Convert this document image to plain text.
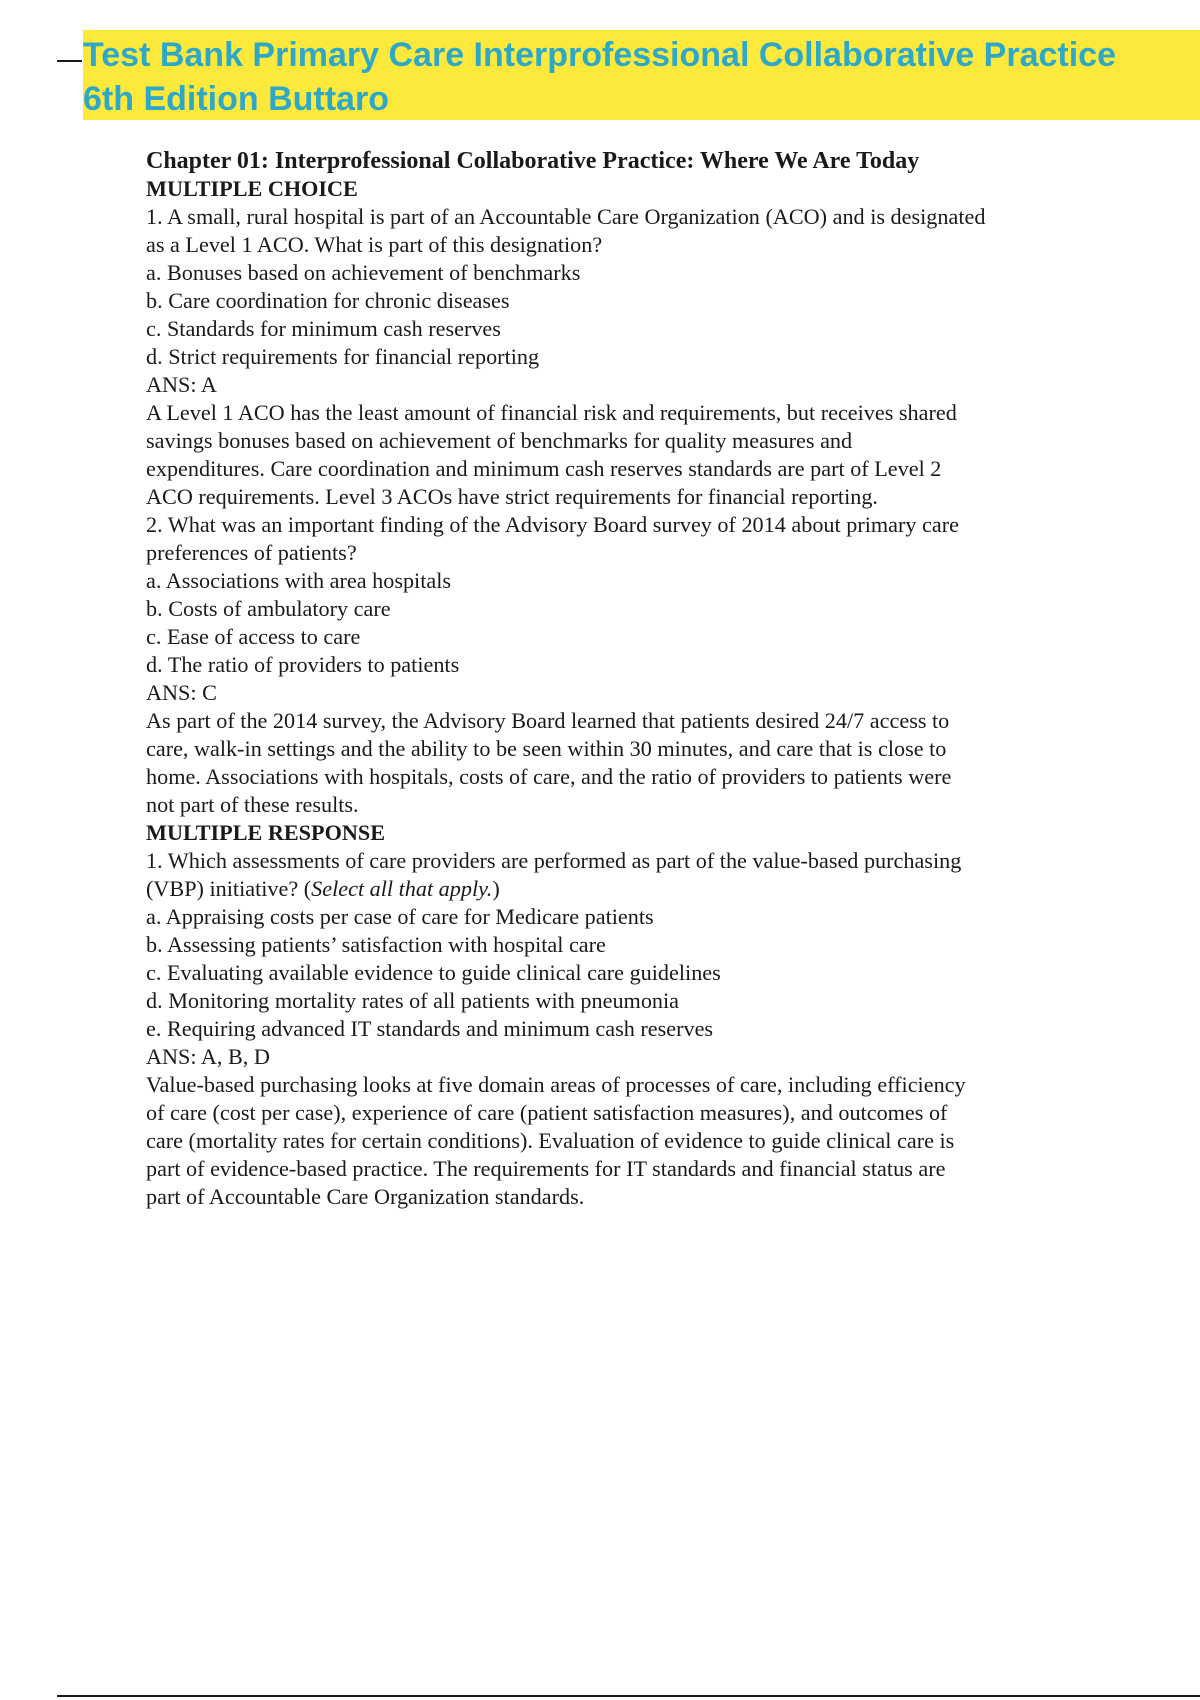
Test Bank Primary Care Interprofessional Collaborative Practice
6th Edition Buttaro
Chapter 01: Interprofessional Collaborative Practice: Where We Are Today
MULTIPLE CHOICE
1. A small, rural hospital is part of an Accountable Care Organization (ACO) and is designated
as a Level 1 ACO. What is part of this designation?
a. Bonuses based on achievement of benchmarks
b. Care coordination for chronic diseases
c. Standards for minimum cash reserves
d. Strict requirements for financial reporting
ANS: A
A Level 1 ACO has the least amount of financial risk and requirements, but receives shared
savings bonuses based on achievement of benchmarks for quality measures and
expenditures. Care coordination and minimum cash reserves standards are part of Level 2
ACO requirements. Level 3 ACOs have strict requirements for financial reporting.
2. What was an important finding of the Advisory Board survey of 2014 about primary care
preferences of patients?
a. Associations with area hospitals
b. Costs of ambulatory care
c. Ease of access to care
d. The ratio of providers to patients
ANS: C
As part of the 2014 survey, the Advisory Board learned that patients desired 24/7 access to
care, walk-in settings and the ability to be seen within 30 minutes, and care that is close to
home. Associations with hospitals, costs of care, and the ratio of providers to patients were
not part of these results.
MULTIPLE RESPONSE
1. Which assessments of care providers are performed as part of the value-based purchasing
(VBP) initiative? (Select all that apply.)
a. Appraising costs per case of care for Medicare patients
b. Assessing patients’ satisfaction with hospital care
c. Evaluating available evidence to guide clinical care guidelines
d. Monitoring mortality rates of all patients with pneumonia
e. Requiring advanced IT standards and minimum cash reserves
ANS: A, B, D
Value-based purchasing looks at five domain areas of processes of care, including efficiency
of care (cost per case), experience of care (patient satisfaction measures), and outcomes of
care (mortality rates for certain conditions). Evaluation of evidence to guide clinical care is
part of evidence-based practice. The requirements for IT standards and financial status are
part of Accountable Care Organization standards.
